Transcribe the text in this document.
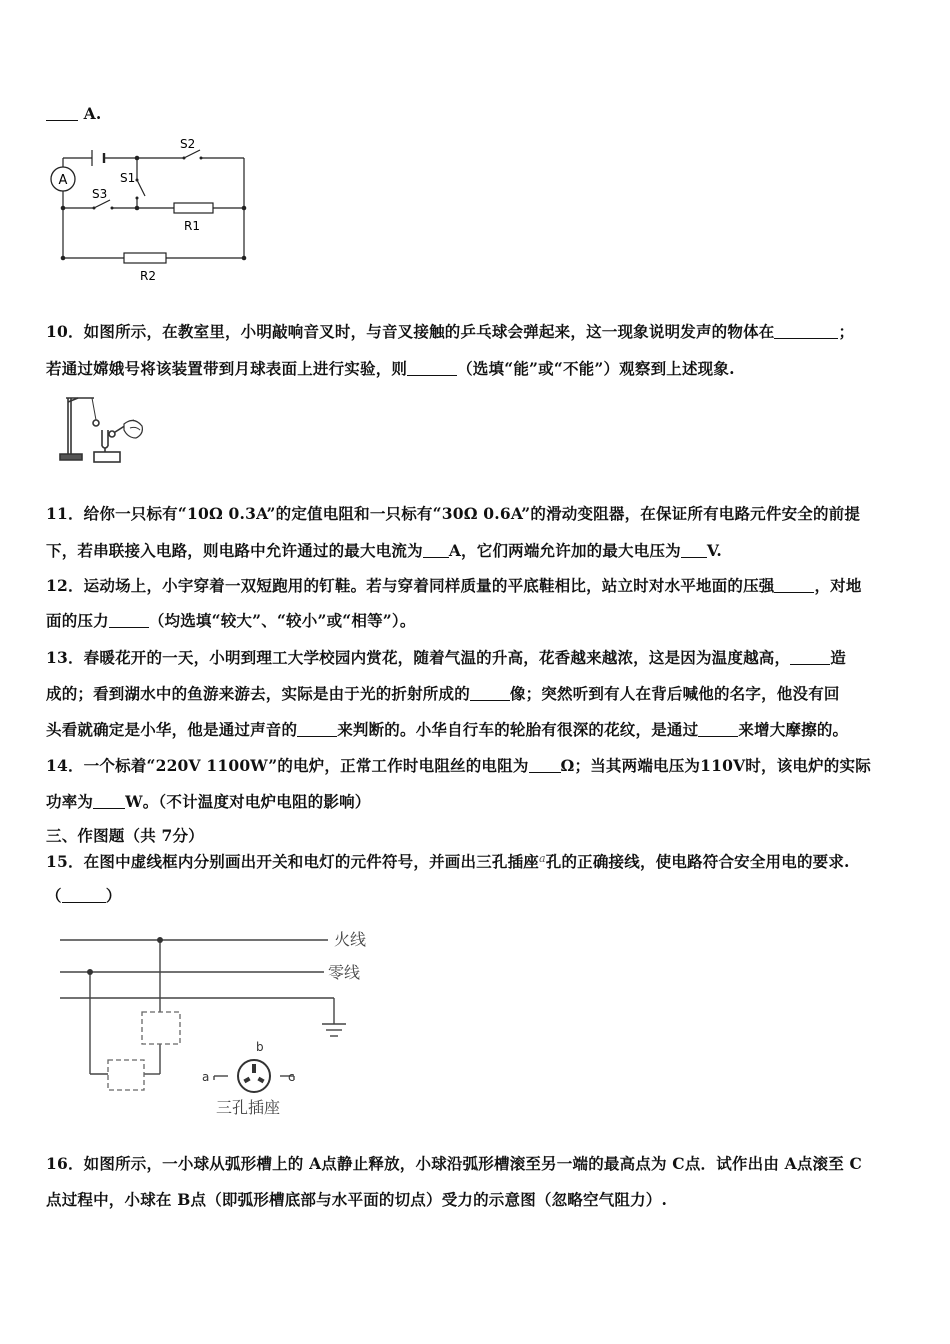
A.
A
S2
S1
S3
R1
R2
10．如图所示，在教室里，小明敲响音叉时，与音叉接触的乒乓球会弹起来，这一现象说明发声的物体在	；
若通过嫦娥号将该装置带到月球表面上进行实验，则	（选填“能”或“不能”）观察到上述现象.
11．给你一只标有“10Ω 0.3A”的定值电阻和一只标有“30Ω 0.6A”的滑动变阻器，在保证所有电路元件安全的前提
下，若串联接入电路，则电路中允许通过的最大电流为 A，它们两端允许加的最大电压为 V.
12．运动场上，小宇穿着一双短跑用的钉鞋。若与穿着同样质量的平底鞋相比，站立时对水平地面的压强	，对地
面的压力	（均选填“较大”、“较小”或“相等”）。
13．春暖花开的一天，小明到理工大学校园内赏花，随着气温的升高，花香越来越浓，这是因为温度越高，	造
成的；看到湖水中的鱼游来游去，实际是由于光的折射所成的	像；突然听到有人在背后喊他的名字，他没有回
头看就确定是小华，他是通过声音的	来判断的。小华自行车的轮胎有很深的花纹，是通过	来增大摩擦的。
14．一个标着“220V 1100W”的电炉，正常工作时电阻丝的电阻为 Ω；当其两端电压为110V时，该电炉的实际
功率为 W。（不计温度对电炉电阻的影响）
三、作图题（共 7分）
15．在图中虚线框内分别画出开关和电灯的元件符号，并画出三孔插座$^a$孔的正确接线，使电路符合安全用电的要求.
（	）
火线
零线
a
b
c
三孔插座
16．如图所示，一小球从弧形槽上的 A点静止释放，小球沿弧形槽滚至另一端的最高点为 C点．试作出由 A点滚至 C
点过程中，小球在 B点（即弧形槽底部与水平面的切点）受力的示意图（忽略空气阻力）.
